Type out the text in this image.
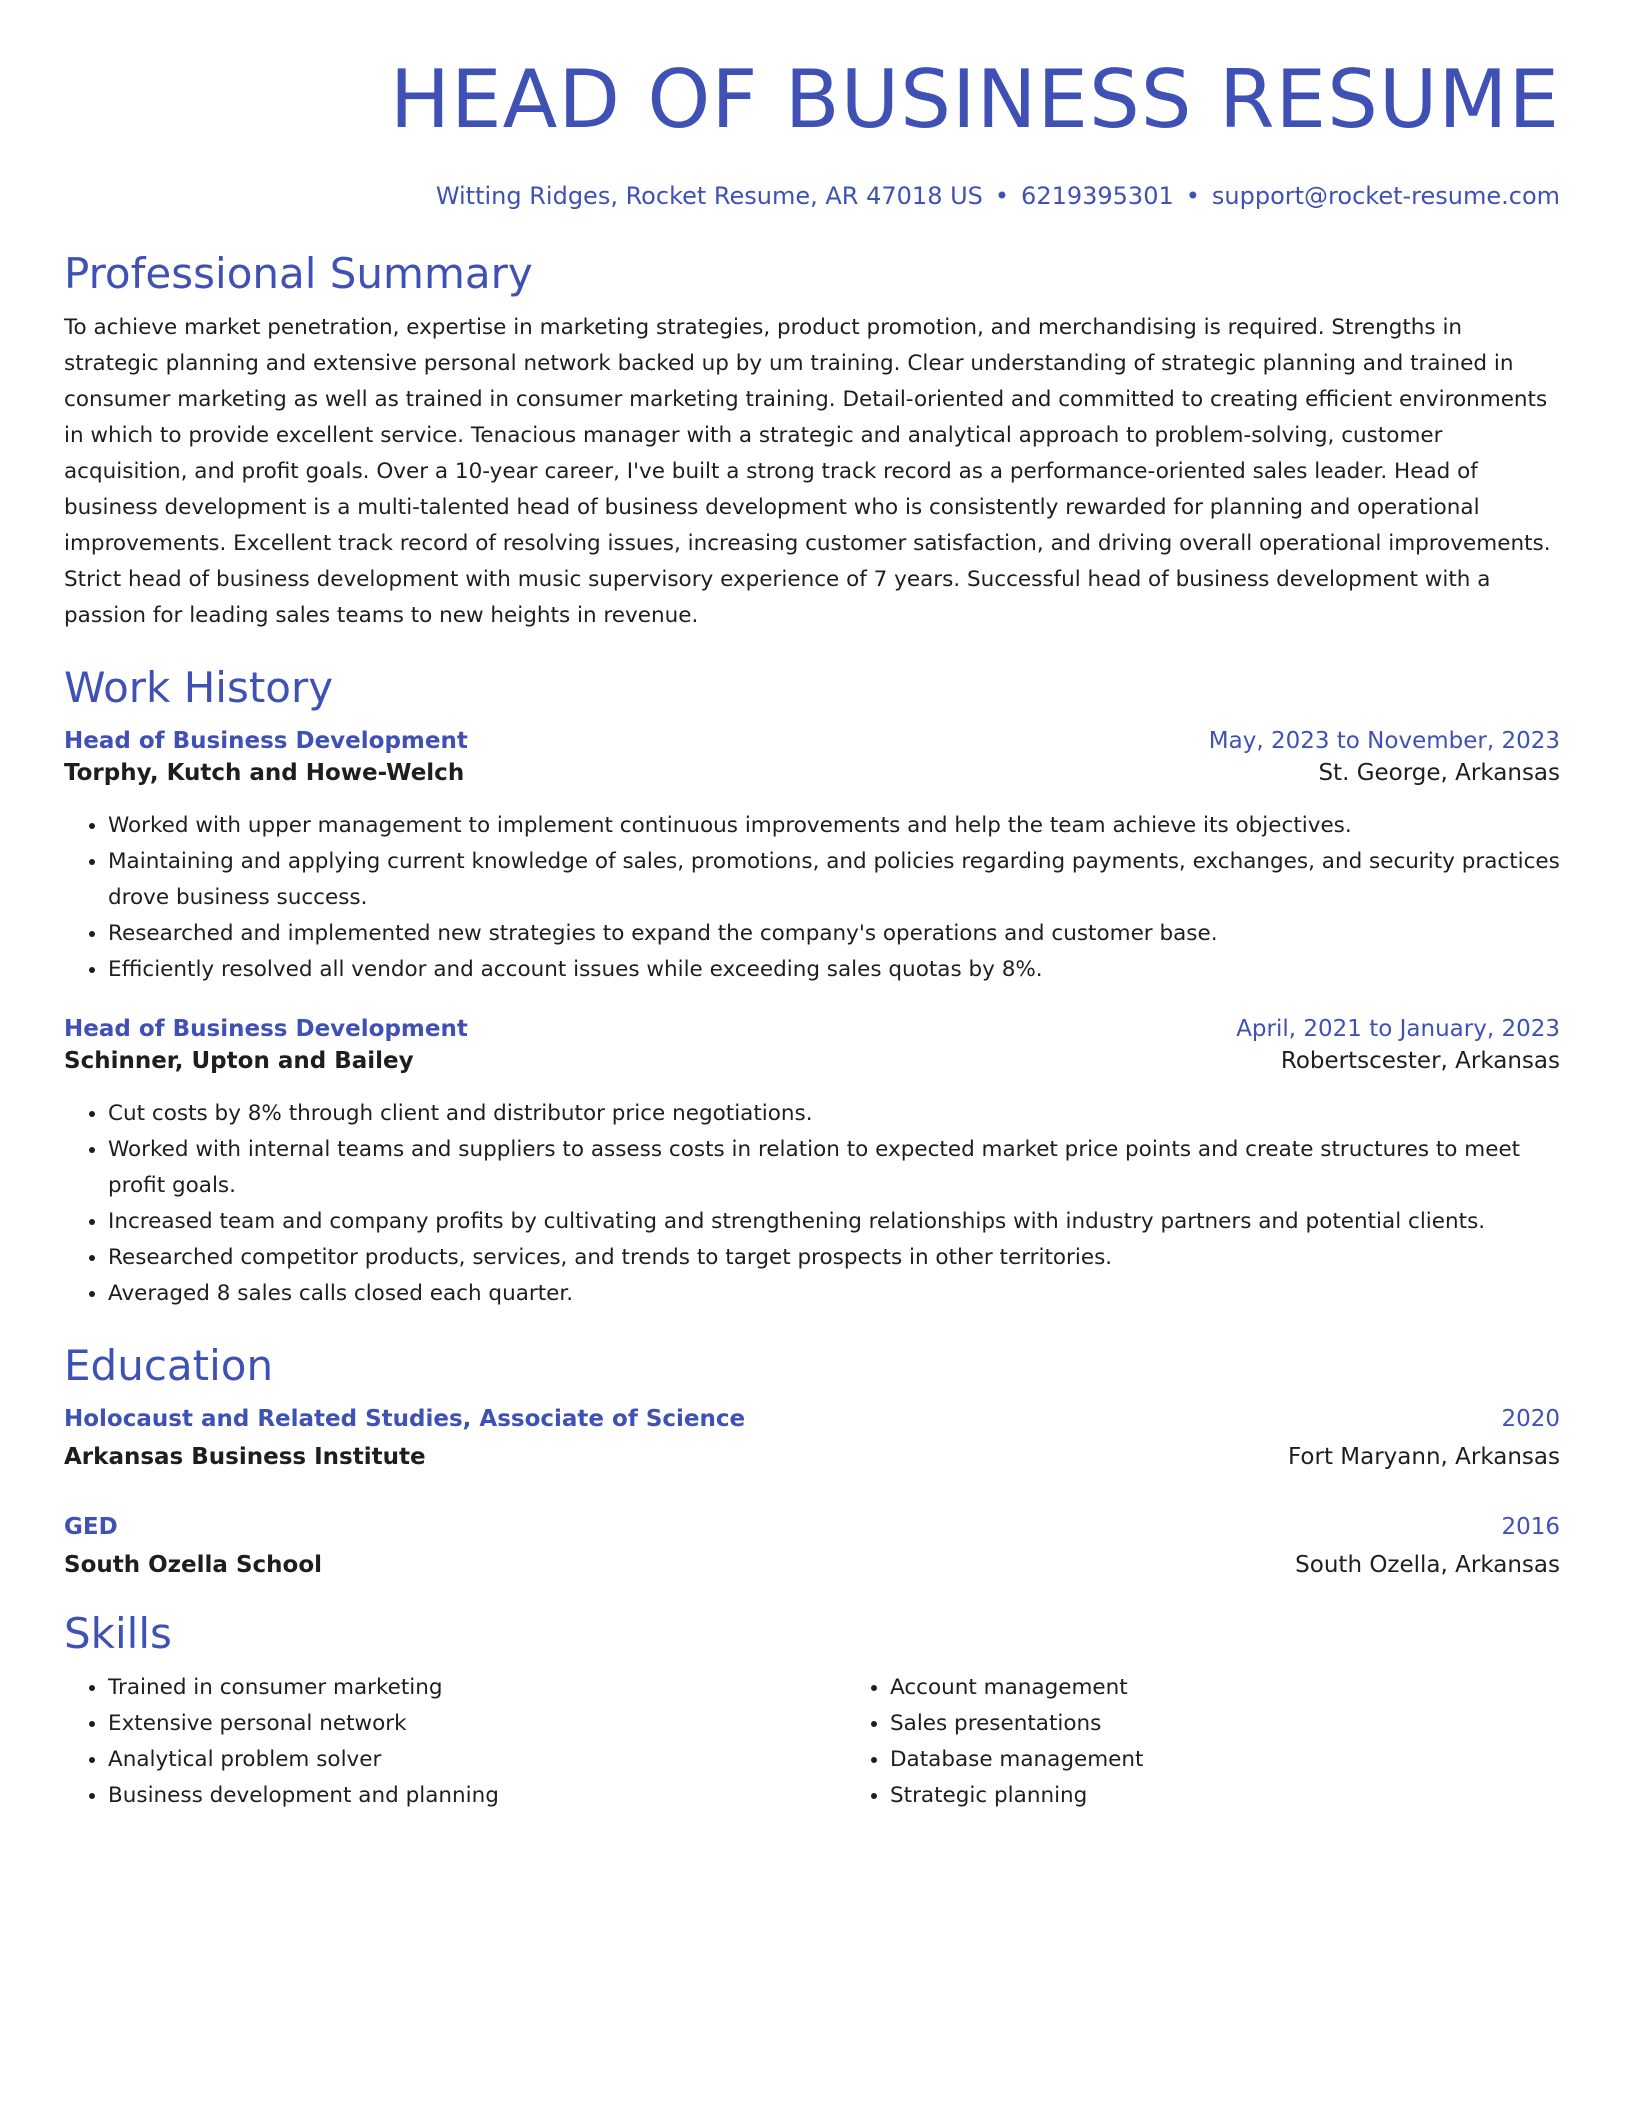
HEAD OF BUSINESS RESUME
Witting Ridges, Rocket Resume, AR 47018 US • 6219395301 • support@rocket-resume.com
Professional Summary

To achieve market penetration, expertise in marketing strategies, product promotion, and merchandising is required. Strengths in strategic planning and extensive personal network backed up by um training. Clear understanding of strategic planning and trained in consumer marketing as well as trained in consumer marketing training. Detail-oriented and committed to creating efficient environments in which to provide excellent service. Tenacious manager with a strategic and analytical approach to problem-solving, customer acquisition, and profit goals. Over a 10-year career, I've built a strong track record as a performance-oriented sales leader. Head of business development is a multi-talented head of business development who is consistently rewarded for planning and operational improvements. Excellent track record of resolving issues, increasing customer satisfaction, and driving overall operational improvements. Strict head of business development with music supervisory experience of 7 years. Successful head of business development with a passion for leading sales teams to new heights in revenue.

Work History
Head of Business Development	May, 2023 to November, 2023
Torphy, Kutch and Howe-Welch	St. George, Arkansas
• Worked with upper management to implement continuous improvements and help the team achieve its objectives.
• Maintaining and applying current knowledge of sales, promotions, and policies regarding payments, exchanges, and security practices drove business success.
• Researched and implemented new strategies to expand the company's operations and customer base.
• Efficiently resolved all vendor and account issues while exceeding sales quotas by 8%.
Head of Business Development	April, 2021 to January, 2023
Schinner, Upton and Bailey	Robertscester, Arkansas
• Cut costs by 8% through client and distributor price negotiations.
• Worked with internal teams and suppliers to assess costs in relation to expected market price points and create structures to meet profit goals.
• Increased team and company profits by cultivating and strengthening relationships with industry partners and potential clients.
• Researched competitor products, services, and trends to target prospects in other territories.
• Averaged 8 sales calls closed each quarter.
Education
Holocaust and Related Studies, Associate of Science	2020
Arkansas Business Institute	Fort Maryann, Arkansas
GED	2016
South Ozella School	South Ozella, Arkansas
Skills
• Trained in consumer marketing
• Extensive personal network
• Analytical problem solver
• Business development and planning
• Account management
• Sales presentations
• Database management
• Strategic planning
